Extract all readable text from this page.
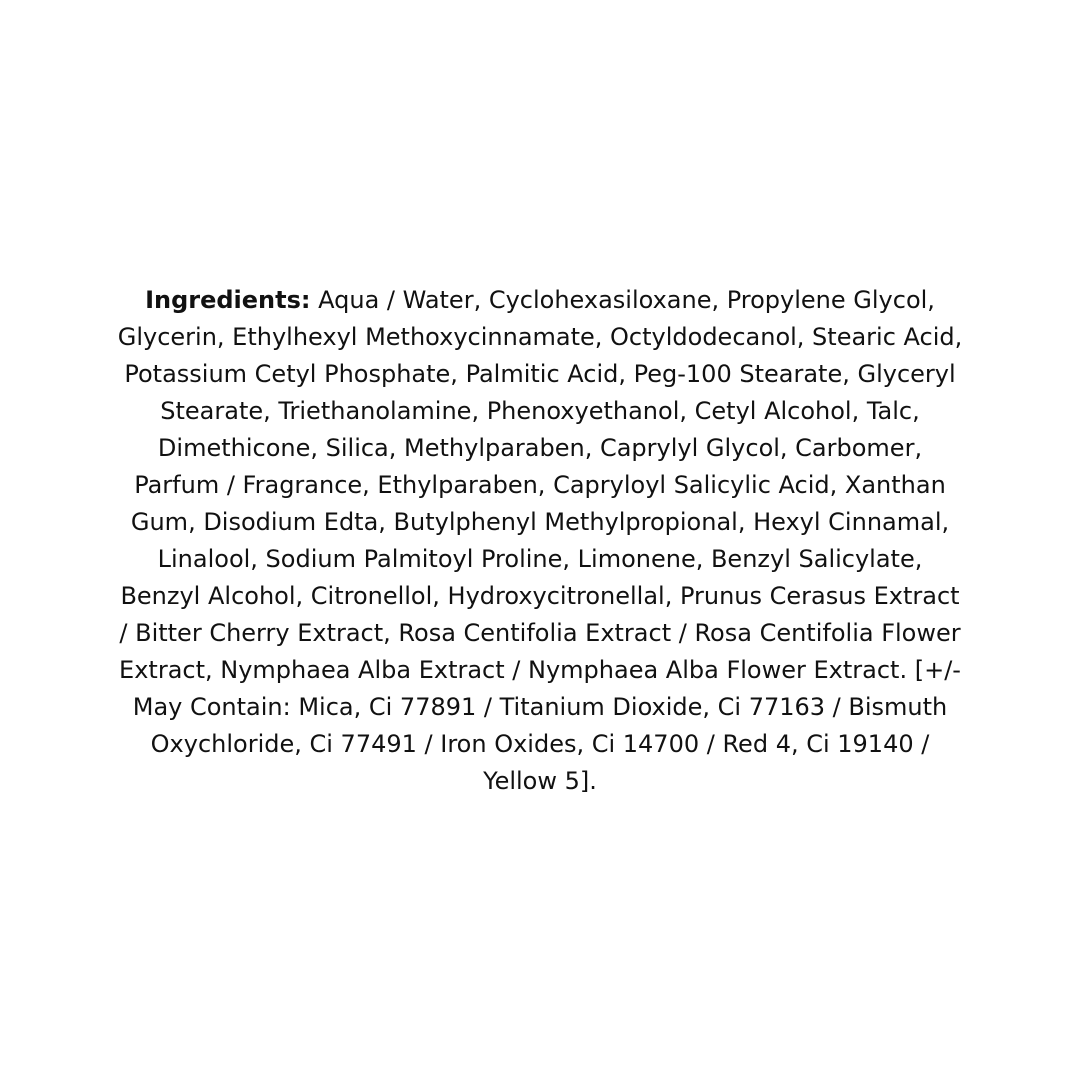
Ingredients: Aqua / Water, Cyclohexasiloxane, Propylene Glycol,
Glycerin, Ethylhexyl Methoxycinnamate, Octyldodecanol, Stearic Acid,
Potassium Cetyl Phosphate, Palmitic Acid, Peg-100 Stearate, Glyceryl
Stearate, Triethanolamine, Phenoxyethanol, Cetyl Alcohol, Talc,
Dimethicone, Silica, Methylparaben, Caprylyl Glycol, Carbomer,
Parfum / Fragrance, Ethylparaben, Capryloyl Salicylic Acid, Xanthan
Gum, Disodium Edta, Butylphenyl Methylpropional, Hexyl Cinnamal,
Linalool, Sodium Palmitoyl Proline, Limonene, Benzyl Salicylate,
Benzyl Alcohol, Citronellol, Hydroxycitronellal, Prunus Cerasus Extract
/ Bitter Cherry Extract, Rosa Centifolia Extract / Rosa Centifolia Flower
Extract, Nymphaea Alba Extract / Nymphaea Alba Flower Extract. [+/-
May Contain: Mica, Ci 77891 / Titanium Dioxide, Ci 77163 / Bismuth
Oxychloride, Ci 77491 / Iron Oxides, Ci 14700 / Red 4, Ci 19140 /
Yellow 5].
